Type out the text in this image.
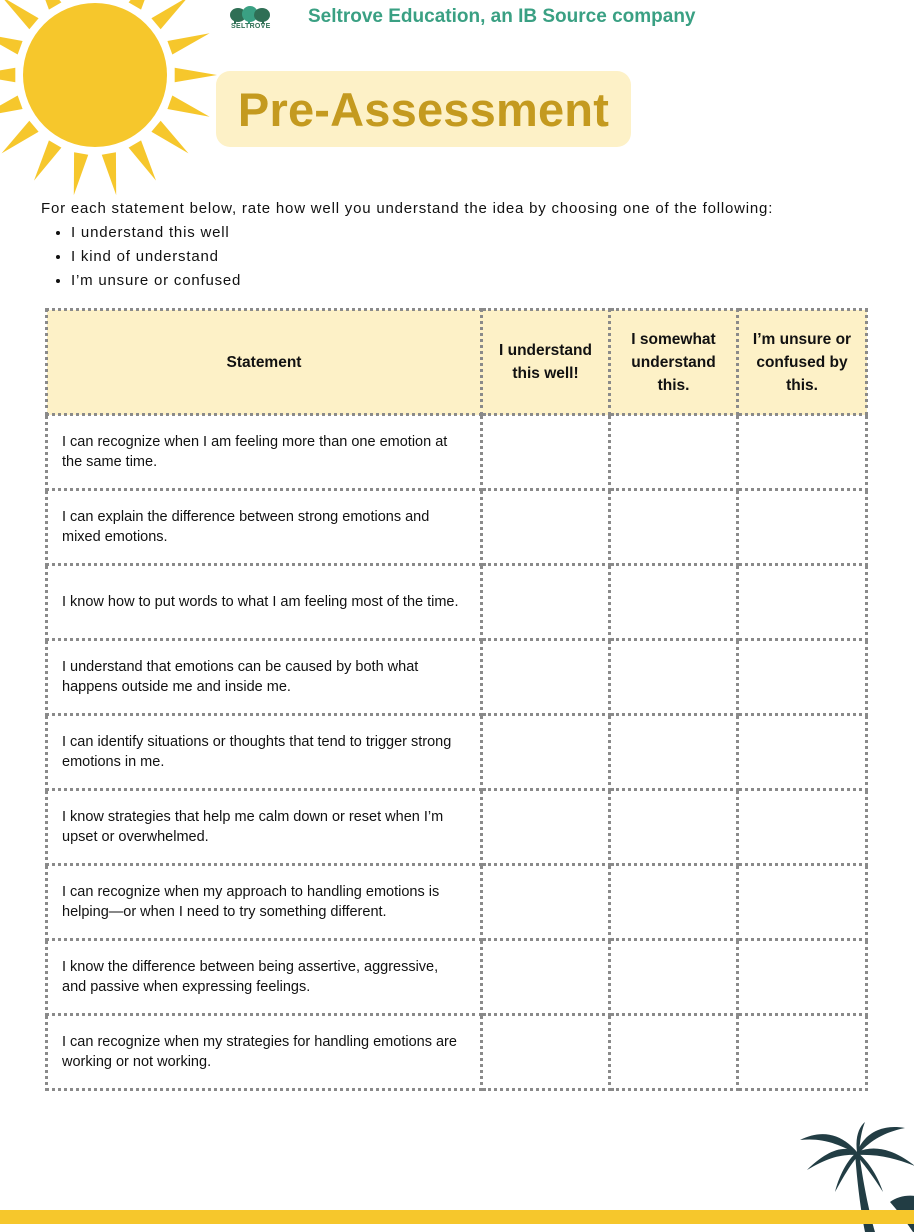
SELTROVE Seltrove Education, an IB Source company
Pre-Assessment

For each statement below, rate how well you understand the idea by choosing one of the following:

• I understand this well
• I kind of understand
• I’m unsure or confused
Statement	I understand this well!	I somewhat understand this.	I’m unsure or confused by this.
I can recognize when I am feeling more than one emotion at the same time.			
I can explain the difference between strong emotions and mixed emotions.			
I know how to put words to what I am feeling most of the time.			
I understand that emotions can be caused by both what happens outside me and inside me.			
I can identify situations or thoughts that tend to trigger strong emotions in me.			
I know strategies that help me calm down or reset when I’m upset or overwhelmed.			
I can recognize when my approach to handling emotions is helping—or when I need to try something different.			
I know the difference between being assertive, aggressive, and passive when expressing feelings.			
I can recognize when my strategies for handling emotions are working or not working.			
